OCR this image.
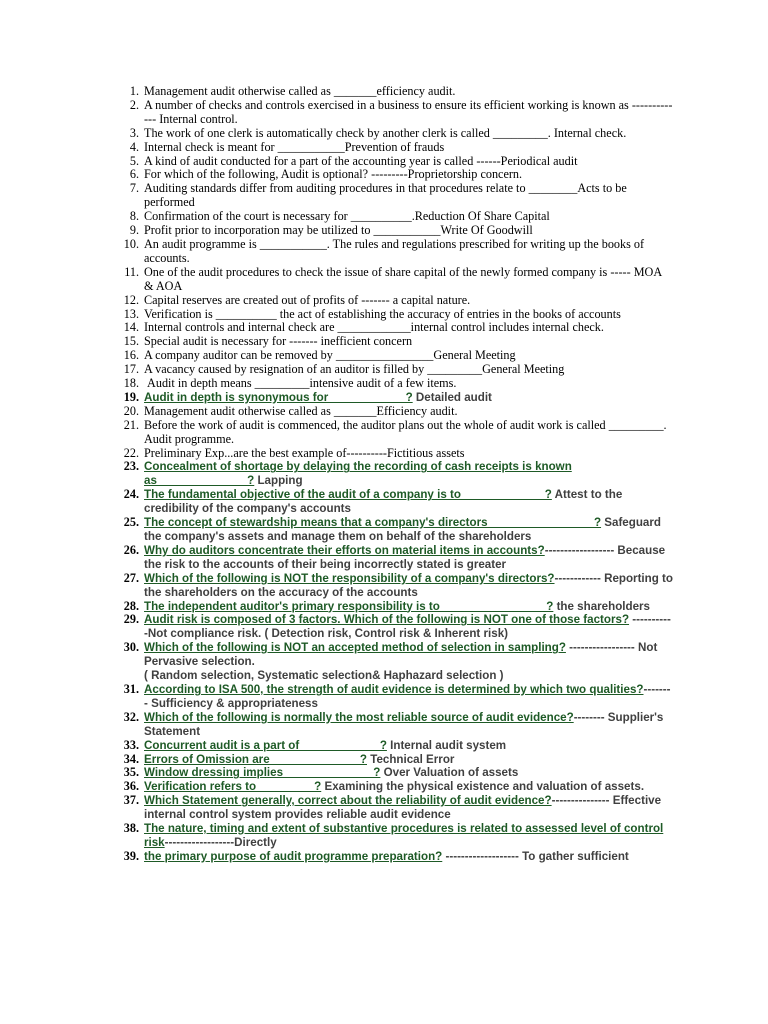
1. Management audit otherwise called as _______efficiency audit.
2. A number of checks and controls exercised in a business to ensure its efficient working is known as ------------- Internal control.
3. The work of one clerk is automatically check by another clerk is called _________. Internal check.
4. Internal check is meant for ___________Prevention of frauds
5. A kind of audit conducted for a part of the accounting year is called ------Periodical audit
6. For which of the following, Audit is optional? ---------Proprietorship concern.
7. Auditing standards differ from auditing procedures in that procedures relate to ________Acts to be performed
8. Confirmation of the court is necessary for __________.Reduction Of Share Capital
9. Profit prior to incorporation may be utilized to ___________Write Of Goodwill
10. An audit programme is ___________. The rules and regulations prescribed for writing up the books of accounts.
11. One of the audit procedures to check the issue of share capital of the newly formed company is ----- MOA & AOA
12. Capital reserves are created out of profits of ------- a capital nature.
13. Verification is __________ the act of establishing the accuracy of entries in the books of accounts
14. Internal controls and internal check are ____________internal control includes internal check.
15. Special audit is necessary for ------- inefficient concern
16. A company auditor can be removed by ________________General Meeting
17. A vacancy caused by resignation of an auditor is filled by _________General Meeting
18. Audit in depth means _________intensive audit of a few items.
19. Audit in depth is synonymous for____________? Detailed audit
20. Management audit otherwise called as _______Efficiency audit.
21. Before the work of audit is commenced, the auditor plans out the whole of audit work is called _________. Audit programme.
22. Preliminary Exp...are the best example of----------Fictitious assets
23. Concealment of shortage by delaying the recording of cash receipts is known as______________? Lapping
24. The fundamental objective of the audit of a company is to_____________? Attest to the credibility of the company's accounts
25. The concept of stewardship means that a company's directors ________________? Safeguard the company's assets and manage them on behalf of the shareholders
26. Why do auditors concentrate their efforts on material items in accounts?------------------ Because the risk to the accounts of their being incorrectly stated is greater
27. Which of the following is NOT the responsibility of a company's directors?------------ Reporting to the shareholders on the accuracy of the accounts
28. The independent auditor's primary responsibility is to ________________? the shareholders
29. Audit risk is composed of 3 factors. Which of the following is NOT one of those factors? -----------Not compliance risk. ( Detection risk, Control risk & Inherent risk)
30. Which of the following is NOT an accepted method of selection in sampling? ----------------- Not Pervasive selection.
( Random selection, Systematic selection& Haphazard selection )
31. According to ISA 500, the strength of audit evidence is determined by which two qualities?-------- Sufficiency & appropriateness
32. Which of the following is normally the most reliable source of audit evidence?-------- Supplier's Statement
33. Concurrent audit is a part of ____________? Internal audit system
34. Errors of Omission are______________? Technical Error
35. Window dressing implies______________? Over Valuation of assets
36. Verification refers to_________? Examining the physical existence and valuation of assets.
37. Which Statement generally, correct about the reliability of audit evidence?--------------- Effective internal control system provides reliable audit evidence
38. The nature, timing and extent of substantive procedures is related to assessed level of control risk------------------Directly
39. the primary purpose of audit programme preparation? ------------------- To gather sufficient
